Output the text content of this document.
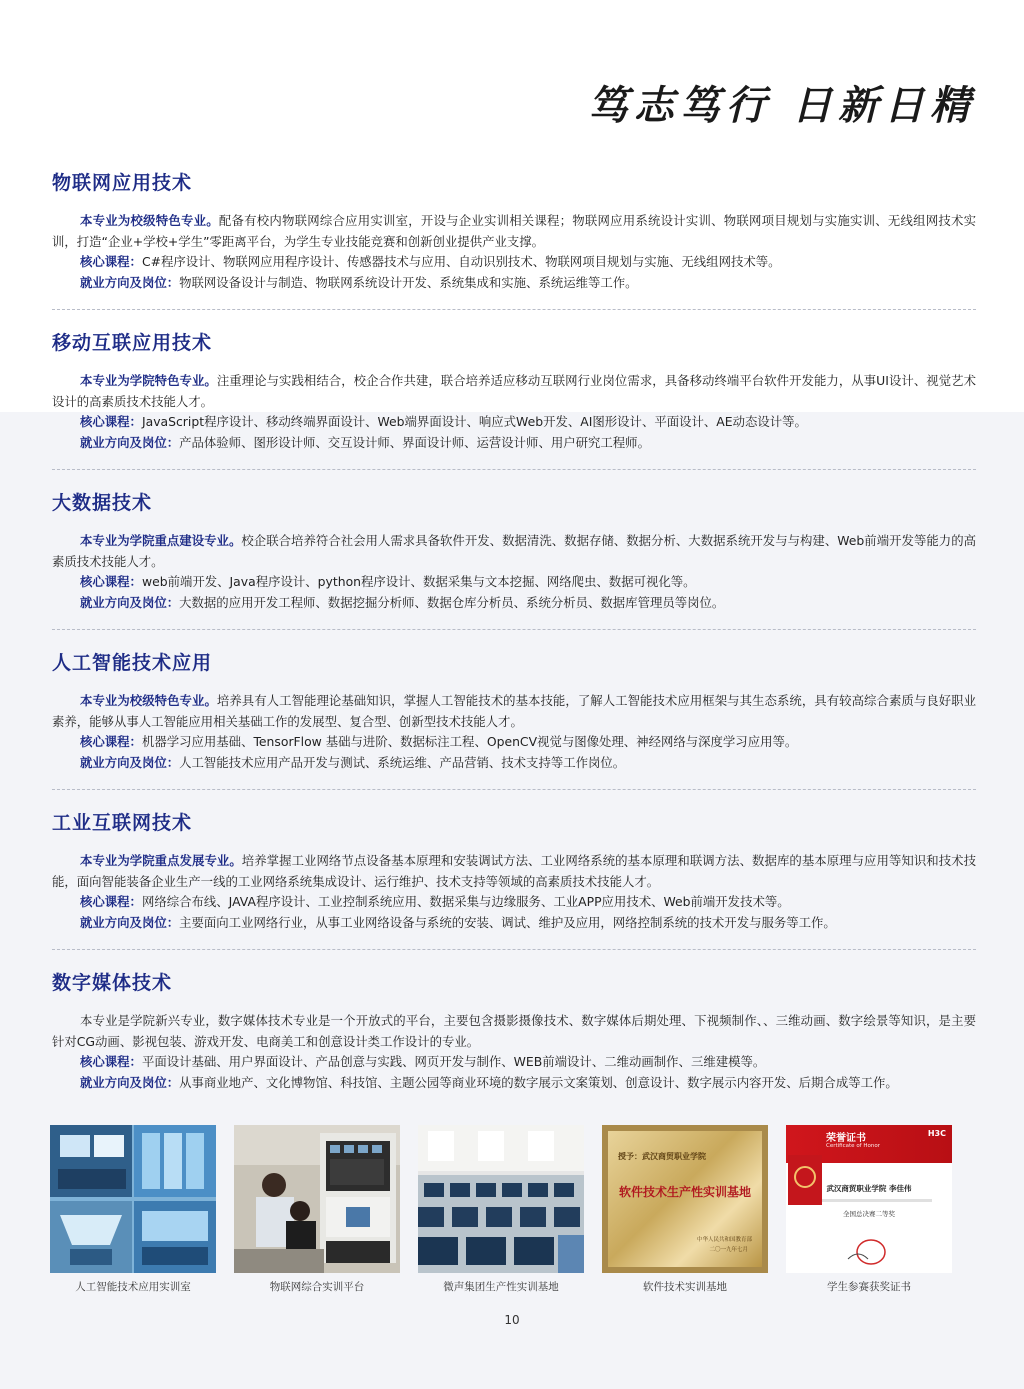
笃志笃行 日新日精
物联网应用技术

本专业为校级特色专业。配备有校内物联网综合应用实训室，开设与企业实训相关课程；物联网应用系统设计实训、物联网项目规划与实施实训、无线组网技术实训，打造“企业+学校+学生”零距离平台，为学生专业技能竞赛和创新创业提供产业支撑。

核心课程：C#程序设计、物联网应用程序设计、传感器技术与应用、自动识别技术、物联网项目规划与实施、无线组网技术等。

就业方向及岗位：物联网设备设计与制造、物联网系统设计开发、系统集成和实施、系统运维等工作。

移动互联应用技术

本专业为学院特色专业。注重理论与实践相结合，校企合作共建，联合培养适应移动互联网行业岗位需求，具备移动终端平台软件开发能力，从事UI设计、视觉艺术设计的高素质技术技能人才。

核心课程：JavaScript程序设计、移动终端界面设计、Web端界面设计、响应式Web开发、AI图形设计、平面设计、AE动态设计等。

就业方向及岗位：产品体验师、图形设计师、交互设计师、界面设计师、运营设计师、用户研究工程师。

大数据技术

本专业为学院重点建设专业。校企联合培养符合社会用人需求具备软件开发、数据清洗、数据存储、数据分析、大数据系统开发与与构建、Web前端开发等能力的高素质技术技能人才。

核心课程：web前端开发、Java程序设计、python程序设计、数据采集与文本挖掘、网络爬虫、数据可视化等。

就业方向及岗位：大数据的应用开发工程师、数据挖掘分析师、数据仓库分析员、系统分析员、数据库管理员等岗位。

人工智能技术应用

本专业为校级特色专业。培养具有人工智能理论基础知识，掌握人工智能技术的基本技能，了解人工智能技术应用框架与其生态系统，具有较高综合素质与良好职业素养，能够从事人工智能应用相关基础工作的发展型、复合型、创新型技术技能人才。

核心课程：机器学习应用基础、TensorFlow 基础与进阶、数据标注工程、OpenCV视觉与图像处理、神经网络与深度学习应用等。

就业方向及岗位：人工智能技术应用产品开发与测试、系统运维、产品营销、技术支持等工作岗位。

工业互联网技术

本专业为学院重点发展专业。培养掌握工业网络节点设备基本原理和安装调试方法、工业网络系统的基本原理和联调方法、数据库的基本原理与应用等知识和技术技能，面向智能装备企业生产一线的工业网络系统集成设计、运行维护、技术支持等领域的高素质技术技能人才。

核心课程：网络综合布线、JAVA程序设计、工业控制系统应用、数据采集与边缘服务、工业APP应用技术、Web前端开发技术等。

就业方向及岗位：主要面向工业网络行业，从事工业网络设备与系统的安装、调试、维护及应用，网络控制系统的技术开发与服务等工作。

数字媒体技术

本专业是学院新兴专业，数字媒体技术专业是一个开放式的平台，主要包含摄影摄像技术、数字媒体后期处理、下视频制作、、三维动画、数字绘景等知识，是主要针对CG动画、影视包装、游戏开发、电商美工和创意设计类工作设计的专业。

核心课程：平面设计基础、用户界面设计、产品创意与实践、网页开发与制作、WEB前端设计、二维动画制作、三维建模等。

就业方向及岗位：从事商业地产、文化博物馆、科技馆、主题公园等商业环境的数字展示文案策划、创意设计、数字展示内容开发、后期合成等工作。

人工智能技术应用实训室	物联网综合实训平台	微声集团生产性实训基地
授予：武汉商贸职业学院
软件技术生产性实训基地
中华人民共和国教育部
二〇一九年七月
软件技术实训基地
荣誉证书
Certificate of Honor
H3C
武汉商贸职业学院 李佳伟
全国总决赛二等奖
学生参赛获奖证书
10
